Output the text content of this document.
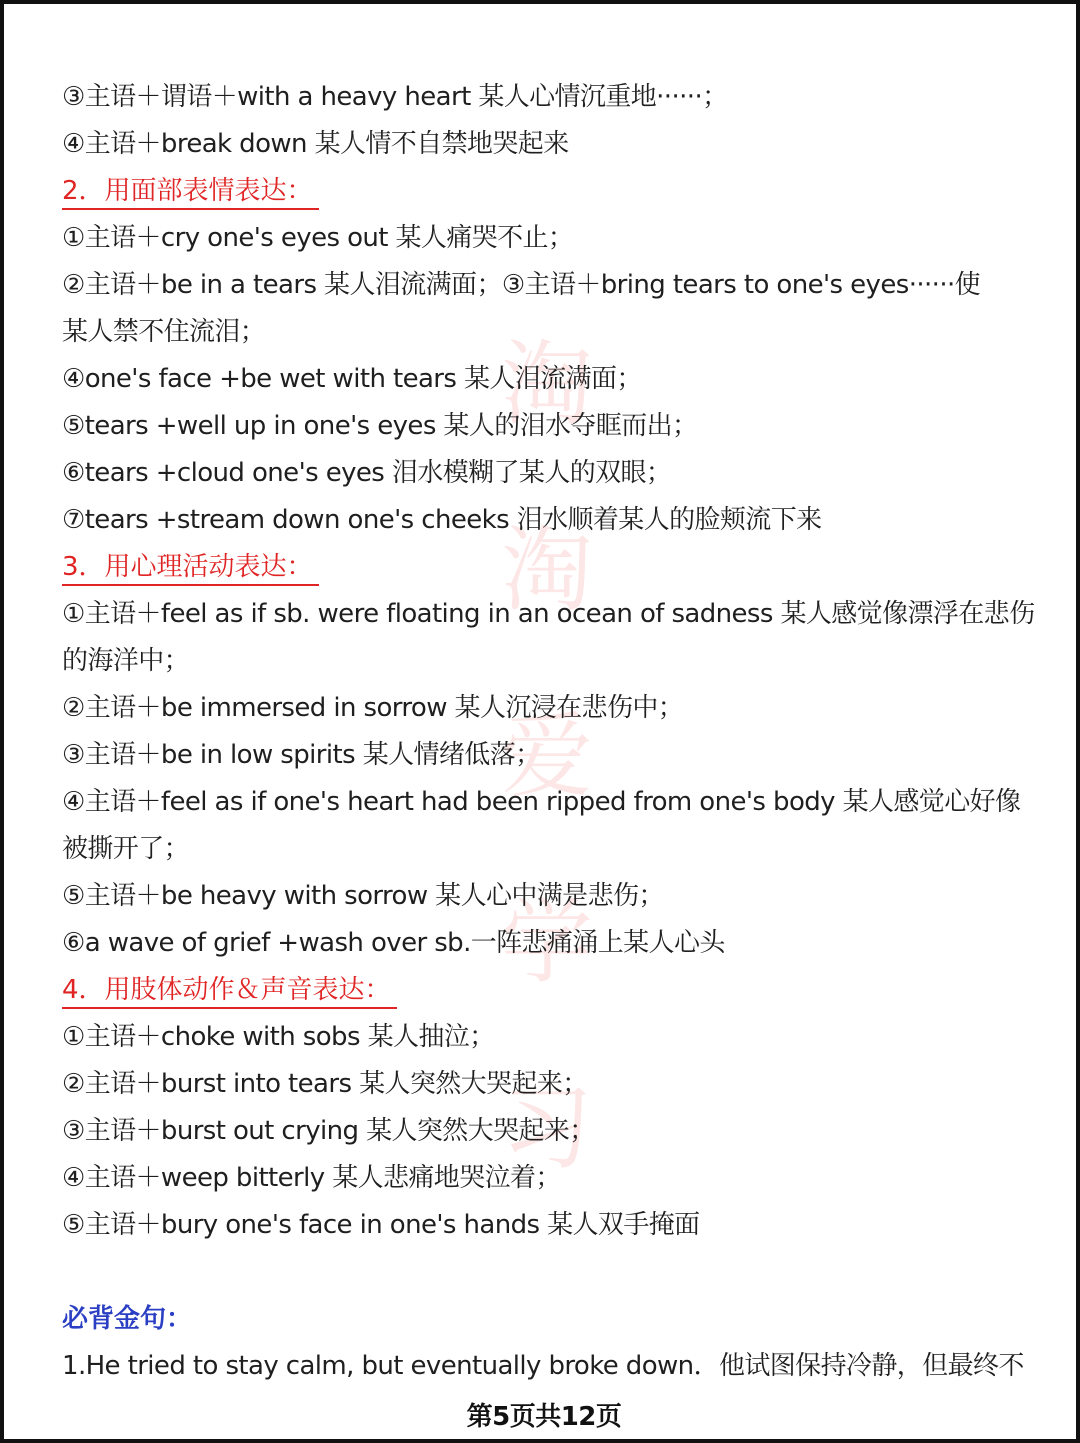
淘
淘
爱
学
习
③主语＋谓语＋with a heavy heart 某人心情沉重地······；
④主语＋break down 某人情不自禁地哭起来
2．用面部表情表达：
①主语＋cry one's eyes out 某人痛哭不止；
②主语＋be in a tears 某人泪流满面；③主语＋bring tears to one's eyes······使
某人禁不住流泪；
④one's face +be wet with tears 某人泪流满面；
⑤tears +well up in one's eyes 某人的泪水夺眶而出；
⑥tears +cloud one's eyes 泪水模糊了某人的双眼；
⑦tears +stream down one's cheeks 泪水顺着某人的脸颊流下来
3．用心理活动表达：
①主语＋feel as if sb. were floating in an ocean of sadness 某人感觉像漂浮在悲伤
的海洋中；
②主语＋be immersed in sorrow 某人沉浸在悲伤中；
③主语＋be in low spirits 某人情绪低落；
④主语＋feel as if one's heart had been ripped from one's body 某人感觉心好像
被撕开了；
⑤主语＋be heavy with sorrow 某人心中满是悲伤；
⑥a wave of grief +wash over sb.一阵悲痛涌上某人心头
4．用肢体动作＆声音表达：
①主语＋choke with sobs 某人抽泣；
②主语＋burst into tears 某人突然大哭起来；
③主语＋burst out crying 某人突然大哭起来；
④主语＋weep bitterly 某人悲痛地哭泣着；
⑤主语＋bury one's face in one's hands 某人双手掩面
必背金句：
1.He tried to stay calm, but eventually broke down．他试图保持冷静，但最终不
第5页共12页
